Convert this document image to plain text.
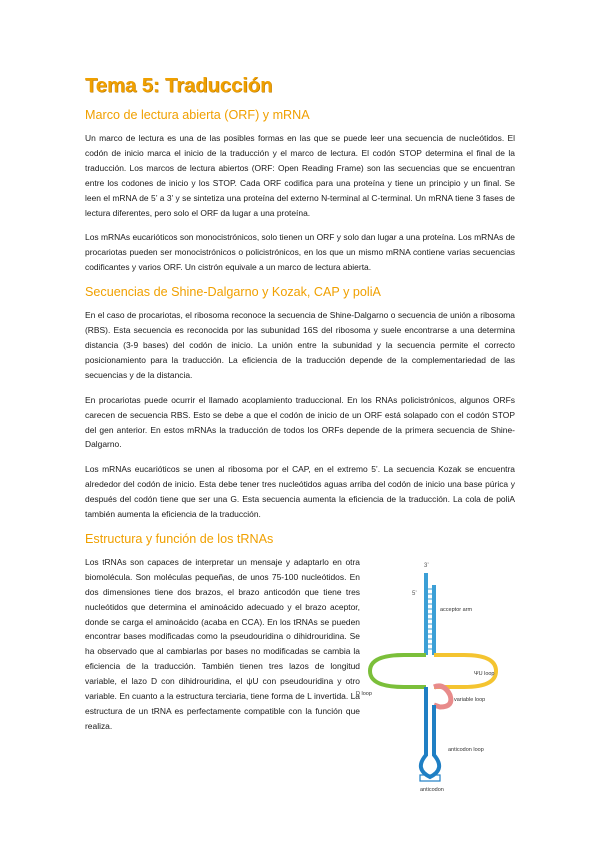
Tema 5: Traducción
Marco de lectura abierta (ORF) y mRNA

Un marco de lectura es una de las posibles formas en las que se puede leer una secuencia de nucleótidos. El codón de inicio marca el inicio de la traducción y el marco de lectura. El codón STOP determina el final de la traducción. Los marcos de lectura abiertos (ORF: Open Reading Frame) son las secuencias que se encuentran entre los codones de inicio y los STOP. Cada ORF codifica para una proteína y tiene un principio y un final. Se leen el mRNA de 5’ a 3’ y se sintetiza una proteína del externo N-terminal al C-terminal. Un mRNA tiene 3 fases de lectura diferentes, pero solo el ORF da lugar a una proteína.

Los mRNAs eucarióticos son monocistrónicos, solo tienen un ORF y solo dan lugar a una proteína. Los mRNAs de procariotas pueden ser monocistrónicos o policistrónicos, en los que un mismo mRNA contiene varias secuencias codificantes y varios ORF. Un cistrón equivale a un marco de lectura abierta.

Secuencias de Shine-Dalgarno y Kozak, CAP y poliA

En el caso de procariotas, el ribosoma reconoce la secuencia de Shine-Dalgarno o secuencia de unión a ribosoma (RBS). Esta secuencia es reconocida por las subunidad 16S del ribosoma y suele encontrarse a una determina distancia (3-9 bases) del codón de inicio. La unión entre la subunidad y la secuencia permite el correcto posicionamiento para la traducción. La eficiencia de la traducción depende de la complementariedad de las secuencias y de la distancia.

En procariotas puede ocurrir el llamado acoplamiento traduccional. En los RNAs policistrónicos, algunos ORFs carecen de secuencia RBS. Esto se debe a que el codón de inicio de un ORF está solapado con el codón STOP del gen anterior. En estos mRNAs la traducción de todos los ORFs depende de la primera secuencia de Shine-Dalgarno.

Los mRNAs eucarióticos se unen al ribosoma por el CAP, en el extremo 5’. La secuencia Kozak se encuentra alrededor del codón de inicio. Esta debe tener tres nucleótidos aguas arriba del codón de inicio una base púrica y después del codón tiene que ser una G. Esta secuencia aumenta la eficiencia de la traducción. La cola de poliA también aumenta la eficiencia de la traducción.

Estructura y función de los tRNAs

Los tRNAs son capaces de interpretar un mensaje y adaptarlo en otra biomolécula. Son moléculas pequeñas, de unos 75-100 nucleótidos. En dos dimensiones tiene dos brazos, el brazo anticodón que tiene tres nucleótidos que determina el aminoácido adecuado y el brazo aceptor, donde se carga el aminoácido (acaba en CCA). En los tRNAs se pueden encontrar bases modificadas como la pseudouridina o dihidrouridina. Se ha observado que al cambiarlas por bases no modificadas se cambia la eficiencia de la traducción. También tienen tres lazos de longitud variable, el lazo D con dihidrouridina, el ψU con pseudouridina y otro variable. En cuanto a la estructura terciaria, tiene forma de L invertida. La estructura de un tRNA es perfectamente compatible con la función que realiza.

3’
5’
acceptor arm
ΨU loop
D loop
variable loop
anticodon loop
anticodon
